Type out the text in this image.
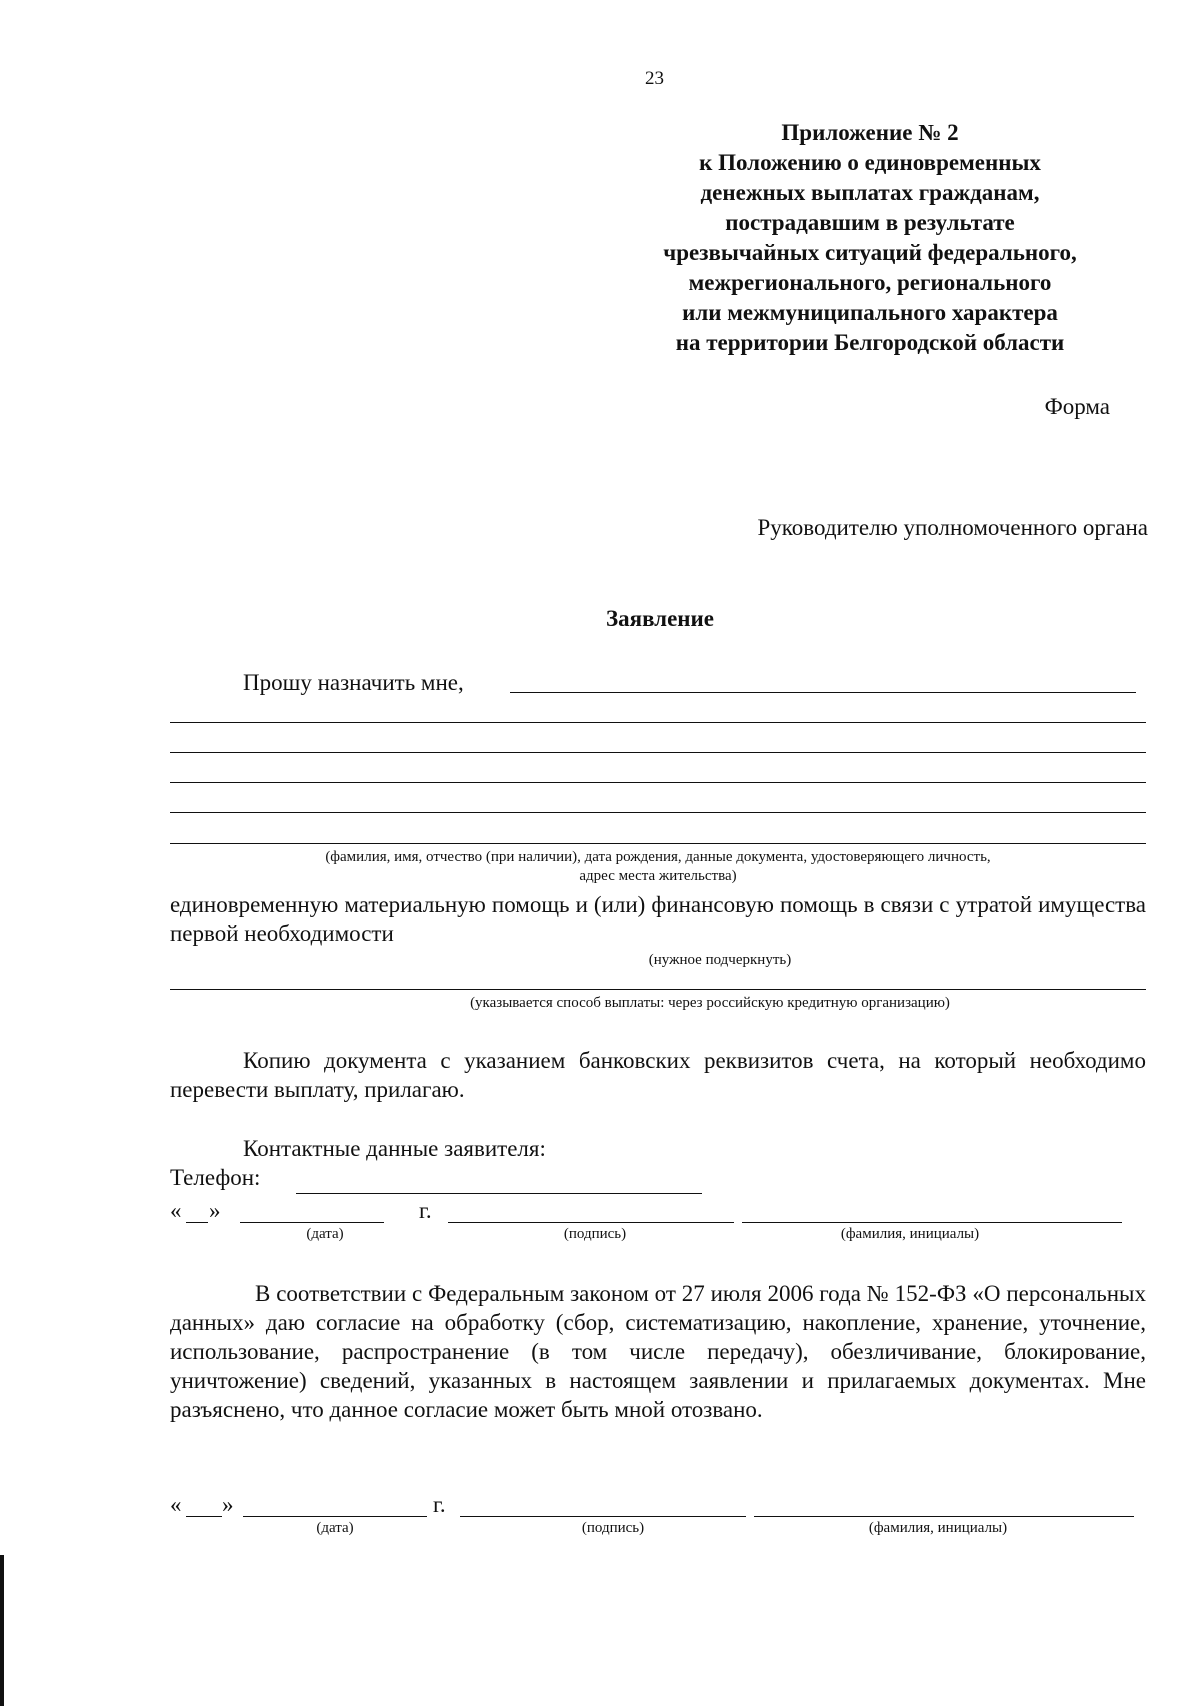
23
Приложение № 2
к Положению о единовременных
денежных выплатах гражданам,
пострадавшим в результате
чрезвычайных ситуаций федерального,
межрегионального, регионального
или межмуниципального характера
на территории Белгородской области
Форма
Руководителю уполномоченного органа
Заявление
Прошу назначить мне,
(фамилия, имя, отчество (при наличии), дата рождения, данные документа, удостоверяющего личность,
адрес места жительства)
единовременную материальную помощь и (или) финансовую помощь в связи с утратой имущества первой необходимости
(нужное подчеркнуть)
(указывается способ выплаты: через российскую кредитную организацию)
Копию документа с указанием банковских реквизитов счета, на который необходимо перевести выплату, прилагаю.
Контактные данные заявителя:
Телефон:
« »	г.
(дата)	(подпись)	(фамилия, инициалы)
В соответствии с Федеральным законом от 27 июля 2006 года № 152-ФЗ «О персональных данных» даю согласие на обработку (сбор, систематизацию, накопление, хранение, уточнение, использование, распространение (в том числе передачу), обезличивание, блокирование, уничтожение) сведений, указанных в настоящем заявлении и прилагаемых документах. Мне разъяснено, что данное согласие может быть мной отозвано.
« »	г.
(дата)	(подпись)	(фамилия, инициалы)
